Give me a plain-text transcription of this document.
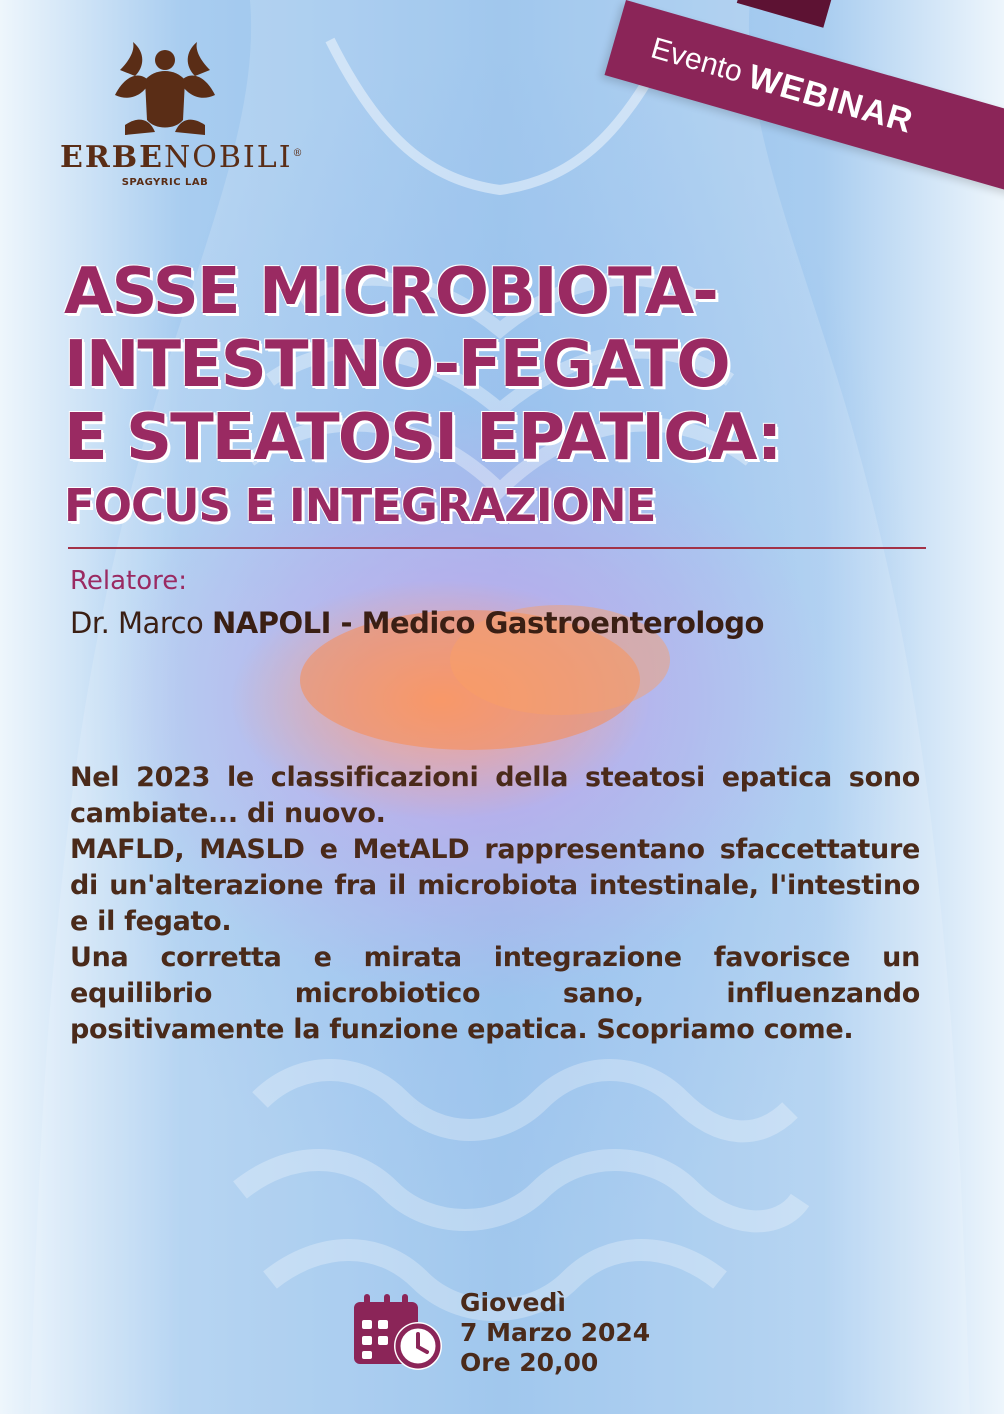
Evento
WEBINAR
ERBENOBILI®
SPAGYRIC LAB
ASSE MICROBIOTA-
INTESTINO-FEGATO
E STEATOSI EPATICA:
FOCUS E INTEGRAZIONE
Relatore:
Dr. Marco NAPOLI - Medico Gastroenterologo

Nel 2023 le classificazioni della steatosi epatica sono cambiate... di nuovo.

MAFLD, MASLD e MetALD rappresentano sfaccettature di un'alterazione fra il microbiota intestinale, l'intestino e il fegato.

Una corretta e mirata integrazione favorisce un equilibrio microbiotico sano, influenzando positivamente la funzione epatica. Scopriamo come.

Giovedì
7 Marzo 2024
Ore 20,00
